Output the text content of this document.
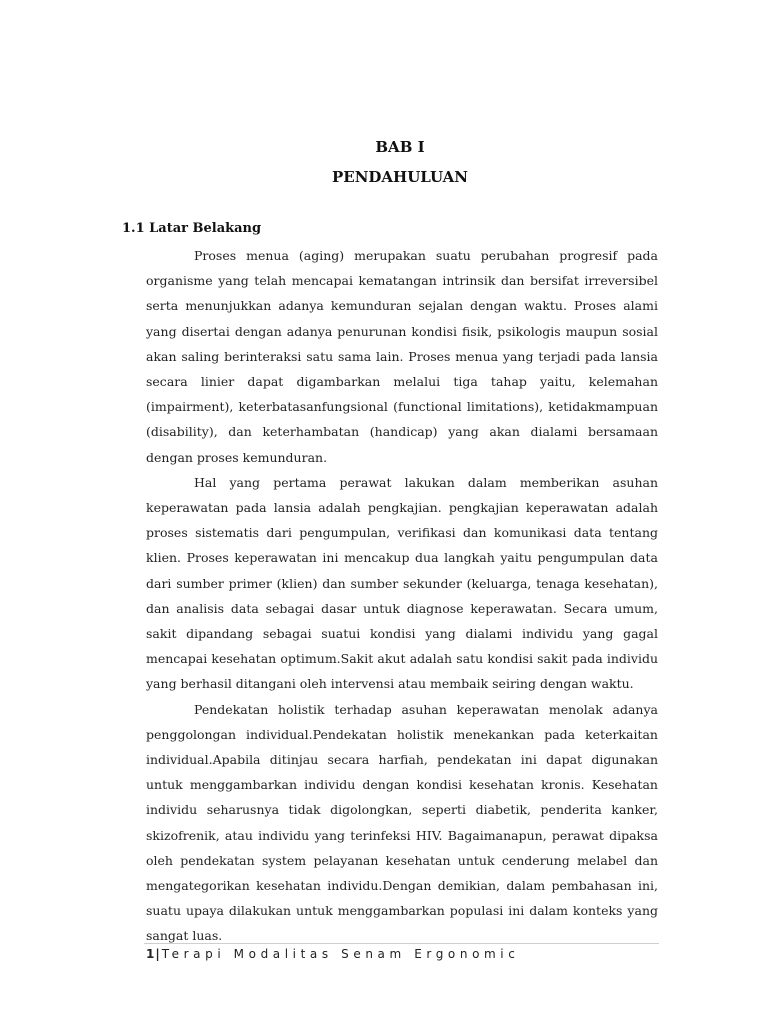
BAB I
PENDAHULUAN
1.1 Latar Belakang

Proses menua (aging) merupakan suatu perubahan progresif pada organisme yang telah mencapai kematangan intrinsik dan bersifat irreversibel serta menunjukkan adanya kemunduran sejalan dengan waktu. Proses alami yang disertai dengan adanya penurunan kondisi fisik, psikologis maupun sosial akan saling berinteraksi satu sama lain. Proses menua yang terjadi pada lansia secara linier dapat digambarkan melalui tiga tahap yaitu, kelemahan (impairment), keterbatasanfungsional (functional limitations), ketidakmampuan (disability), dan keterhambatan (handicap) yang akan dialami bersamaan dengan proses kemunduran.

Hal yang pertama perawat lakukan dalam memberikan asuhan keperawatan pada lansia adalah pengkajian. pengkajian keperawatan adalah proses sistematis dari pengumpulan, verifikasi dan komunikasi data tentang klien. Proses keperawatan ini mencakup dua langkah yaitu pengumpulan data dari sumber primer (klien) dan sumber sekunder (keluarga, tenaga kesehatan), dan analisis data sebagai dasar untuk diagnose keperawatan. Secara umum, sakit dipandang sebagai suatui kondisi yang dialami individu yang gagal mencapai kesehatan optimum.Sakit akut adalah satu kondisi sakit pada individu yang berhasil ditangani oleh intervensi atau membaik seiring dengan waktu.

Pendekatan holistik terhadap asuhan keperawatan menolak adanya penggolongan individual.Pendekatan holistik menekankan pada keterkaitan individual.Apabila ditinjau secara harfiah, pendekatan ini dapat digunakan untuk menggambarkan individu dengan kondisi kesehatan kronis. Kesehatan individu seharusnya tidak digolongkan, seperti diabetik, penderita kanker, skizofrenik, atau individu yang terinfeksi HIV. Bagaimanapun, perawat dipaksa oleh pendekatan system pelayanan kesehatan untuk cenderung melabel dan mengategorikan kesehatan individu.Dengan demikian, dalam pembahasan ini, suatu upaya dilakukan untuk menggambarkan populasi ini dalam konteks yang sangat luas.

1| Terapi Modalitas Senam Ergonomic
